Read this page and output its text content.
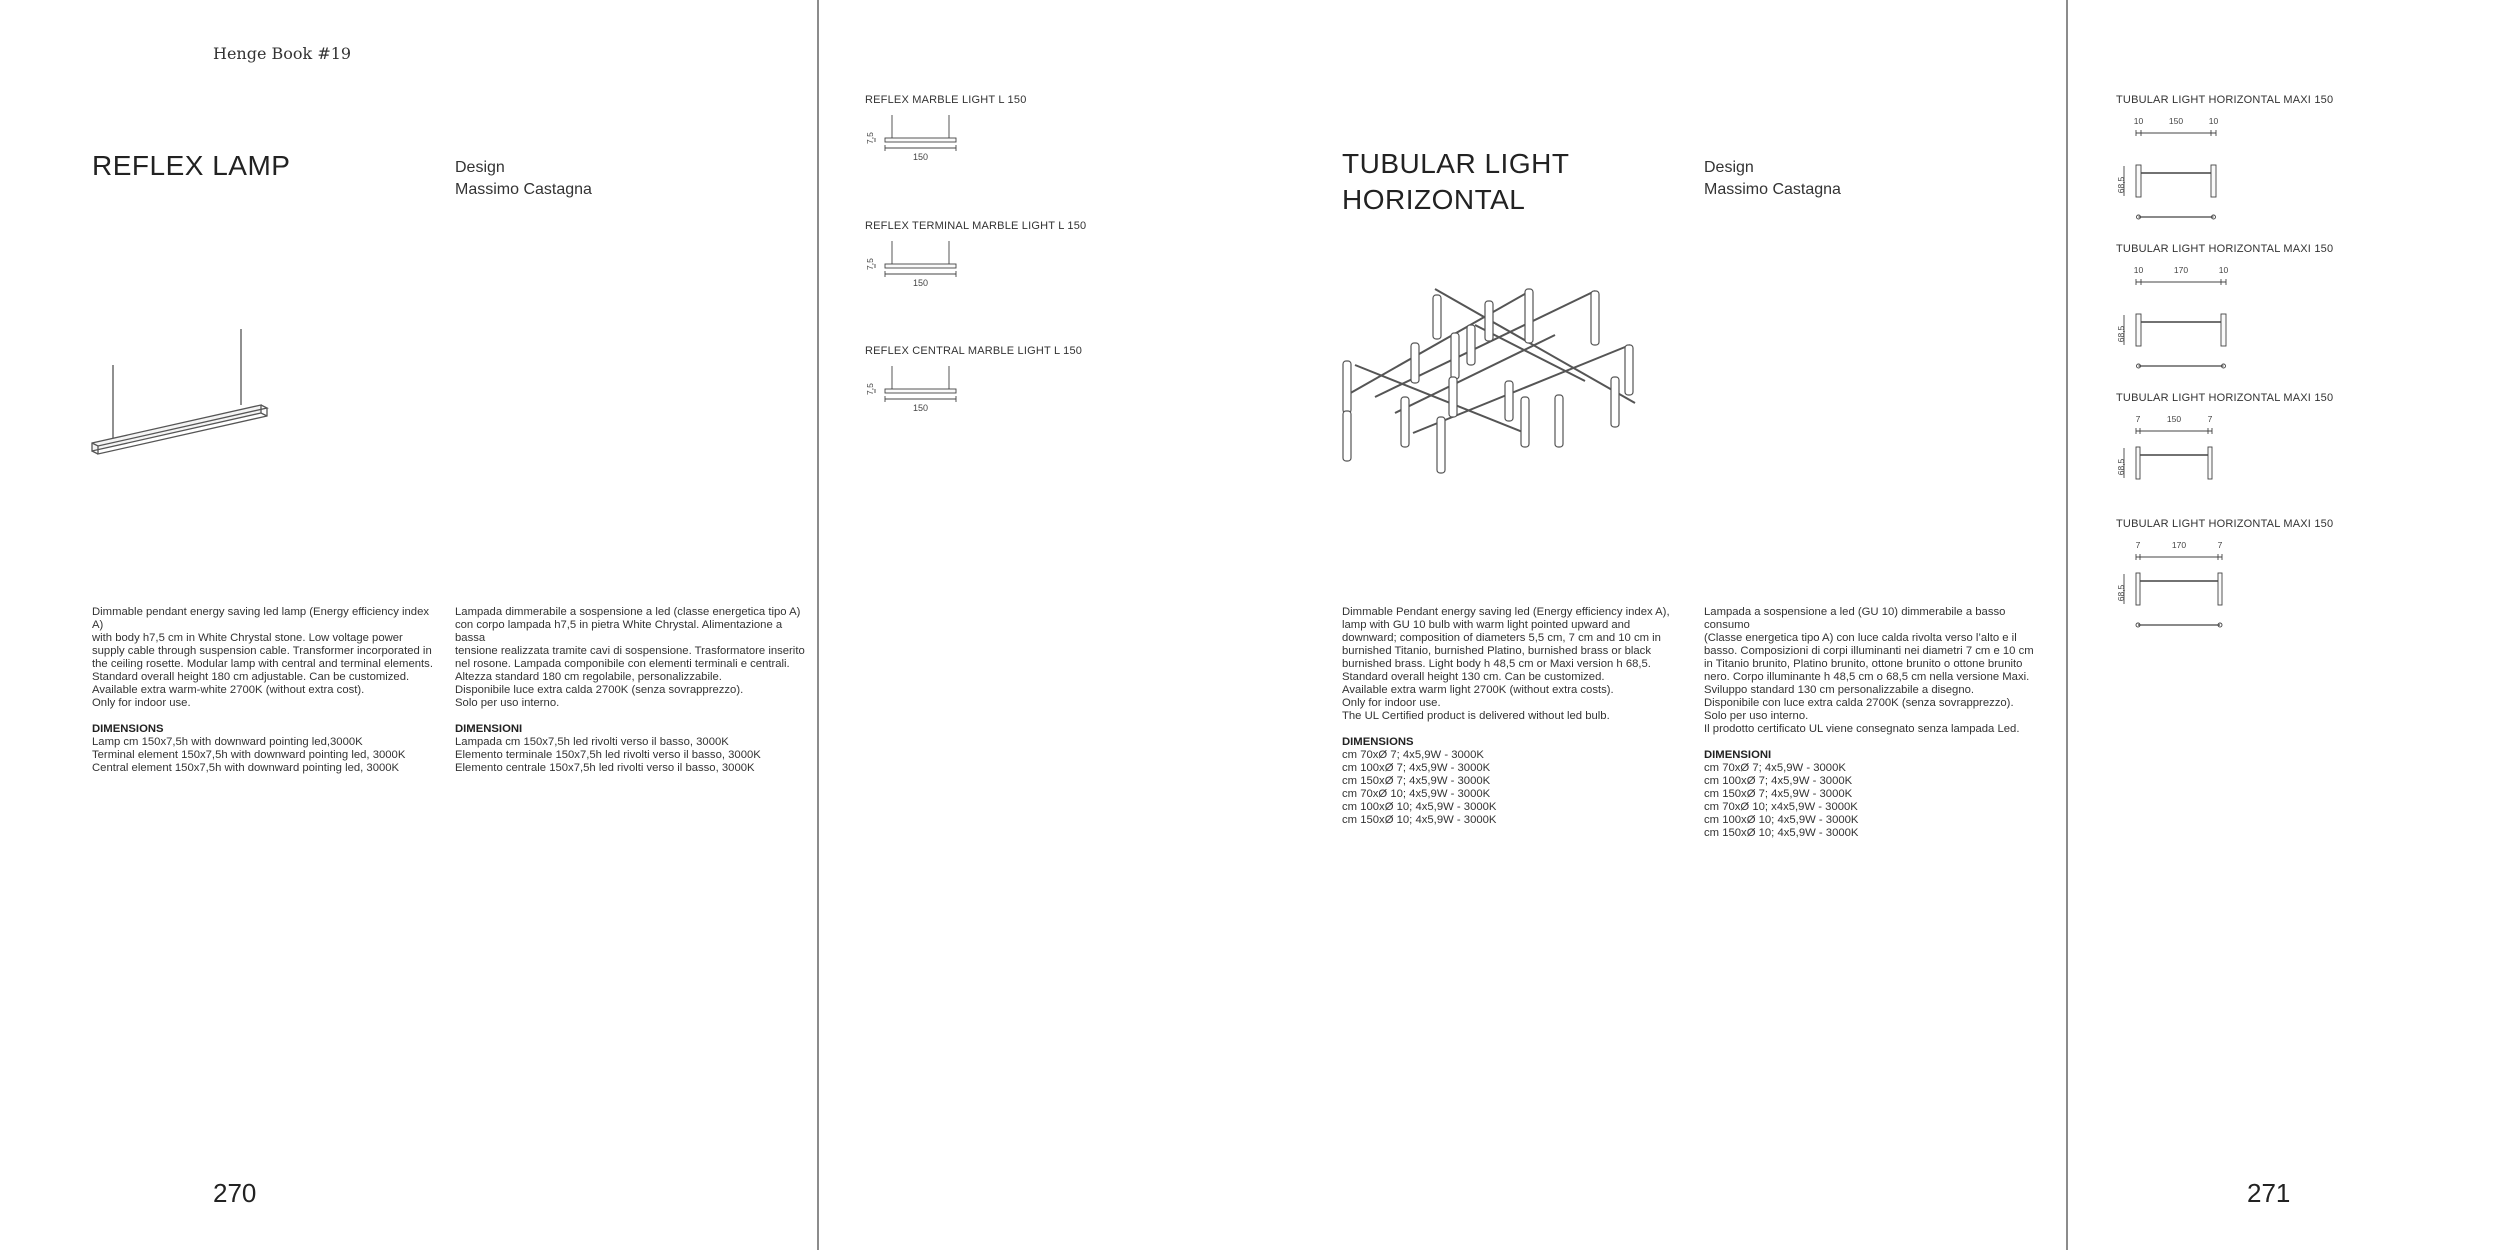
Henge Book #19
REFLEX LAMP	Design
Massimo Castagna
Dimmable pendant energy saving led lamp (Energy efficiency index A)
with body h7,5 cm in White Chrystal stone. Low voltage power
supply cable through suspension cable. Transformer incorporated in
the ceiling rosette. Modular lamp with central and terminal elements.
Standard overall height 180 cm adjustable. Can be customized.
Available extra warm-white 2700K (without extra cost).
Only for indoor use.
DIMENSIONS
Lamp cm 150x7,5h with downward pointing led,3000K
Terminal element 150x7,5h with downward pointing led, 3000K
Central element 150x7,5h with downward pointing led, 3000K
Lampada dimmerabile a sospensione a led (classe energetica tipo A)
con corpo lampada h7,5 in pietra White Chrystal. Alimentazione a bassa
tensione realizzata tramite cavi di sospensione. Trasformatore inserito
nel rosone. Lampada componibile con elementi terminali e centrali.
Altezza standard 180 cm regolabile, personalizzabile.
Disponibile luce extra calda 2700K (senza sovrapprezzo).
Solo per uso interno.
DIMENSIONI
Lampada cm 150x7,5h led rivolti verso il basso, 3000K
Elemento terminale 150x7,5h led rivolti verso il basso, 3000K
Elemento centrale 150x7,5h led rivolti verso il basso, 3000K
270
REFLEX MARBLE LIGHT L 150
7,5
150
REFLEX TERMINAL MARBLE LIGHT L 150
7,5
150
REFLEX CENTRAL MARBLE LIGHT L 150
7,5
150
TUBULAR LIGHT
HORIZONTAL
Design
Massimo Castagna
Dimmable Pendant energy saving led (Energy efficiency index A),
lamp with GU 10 bulb with warm light pointed upward and
downward; composition of diameters 5,5 cm, 7 cm and 10 cm in
burnished Titanio, burnished Platino, burnished brass or black
burnished brass. Light body h 48,5 cm or Maxi version h 68,5.
Standard overall height 130 cm. Can be customized.
Available extra warm light 2700K (without extra costs).
Only for indoor use.
The UL Certified product is delivered without led bulb.
DIMENSIONS
cm 70xØ 7; 4x5,9W - 3000K
cm 100xØ 7; 4x5,9W - 3000K
cm 150xØ 7; 4x5,9W - 3000K
cm 70xØ 10; 4x5,9W - 3000K
cm 100xØ 10; 4x5,9W - 3000K
cm 150xØ 10; 4x5,9W - 3000K
Lampada a sospensione a led (GU 10) dimmerabile a basso consumo
(Classe energetica tipo A) con luce calda rivolta verso l’alto e il
basso. Composizioni di corpi illuminanti nei diametri 7 cm e 10 cm
in Titanio brunito, Platino brunito, ottone brunito o ottone brunito
nero. Corpo illuminante h 48,5 cm o 68,5 cm nella versione Maxi.
Sviluppo standard 130 cm personalizzabile a disegno.
Disponibile con luce extra calda 2700K (senza sovrapprezzo).
Solo per uso interno.
Il prodotto certificato UL viene consegnato senza lampada Led.
DIMENSIONI
cm 70xØ 7; 4x5,9W - 3000K
cm 100xØ 7; 4x5,9W - 3000K
cm 150xØ 7; 4x5,9W - 3000K
cm 70xØ 10; x4x5,9W - 3000K
cm 100xØ 10; 4x5,9W - 3000K
cm 150xØ 10; 4x5,9W - 3000K
271
TUBULAR LIGHT HORIZONTAL MAXI 150
10	150	10
68,5
TUBULAR LIGHT HORIZONTAL MAXI 150
10	170	10
68,5
TUBULAR LIGHT HORIZONTAL MAXI 150
7	150	7
68,5
TUBULAR LIGHT HORIZONTAL MAXI 150
7	170	7
68,5
